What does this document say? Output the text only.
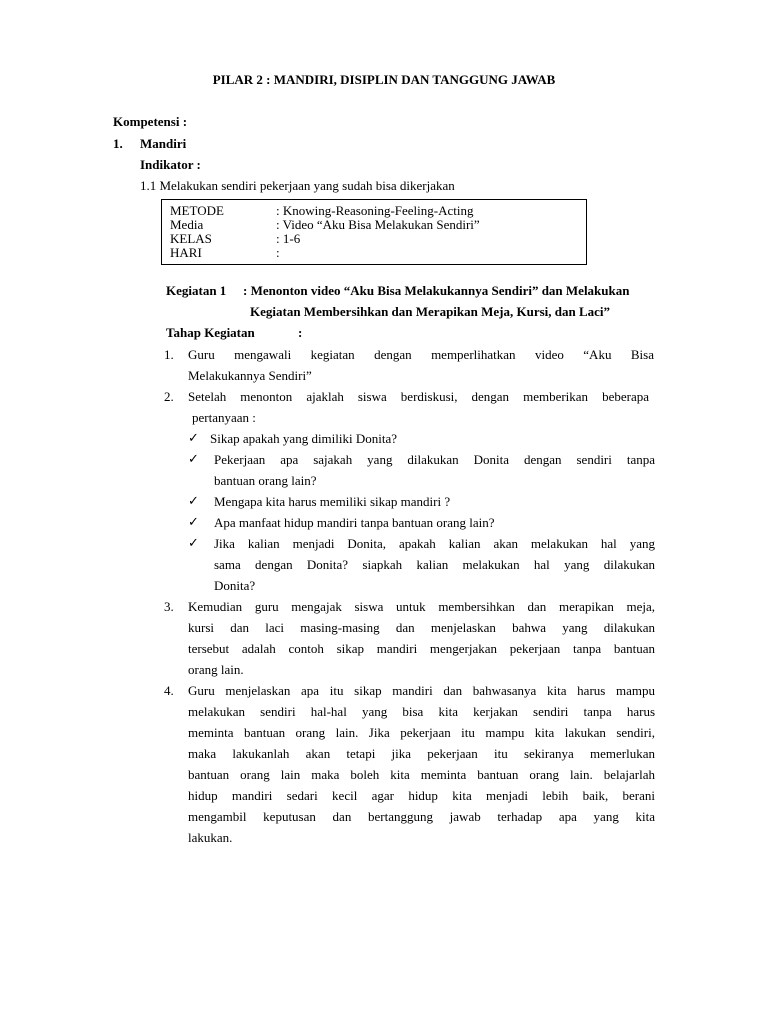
PILAR 2 : MANDIRI, DISIPLIN DAN TANGGUNG JAWAB
Kompetensi :
1. Mandiri
Indikator :
1.1 Melakukan sendiri pekerjaan yang sudah bisa dikerjakan
METODE	: Knowing-Reasoning-Feeling-Acting
Media	: Video “Aku Bisa Melakukan Sendiri”
KELAS	: 1-6
HARI	:
Kegiatan 1 : Menonton video “Aku Bisa Melakukannya Sendiri” dan Melakukan
Kegiatan Membersihkan dan Merapikan Meja, Kursi, dan Laci”
Tahap Kegiatan	:
1. Guru mengawali kegiatan dengan memperlihatkan video “Aku Bisa
Melakukannya Sendiri”
2. Setelah menonton ajaklah siswa berdiskusi, dengan memberikan beberapa
pertanyaan :
✓ Sikap apakah yang dimiliki Donita?
✓ Pekerjaan apa sajakah yang dilakukan Donita dengan sendiri tanpa
bantuan orang lain?
✓ Mengapa kita harus memiliki sikap mandiri ?
✓ Apa manfaat hidup mandiri tanpa bantuan orang lain?
✓ Jika kalian menjadi Donita, apakah kalian akan melakukan hal yang
sama dengan Donita? siapkah kalian melakukan hal yang dilakukan
Donita?
3. Kemudian guru mengajak siswa untuk membersihkan dan merapikan meja,
kursi dan laci masing-masing dan menjelaskan bahwa yang dilakukan
tersebut adalah contoh sikap mandiri mengerjakan pekerjaan tanpa bantuan
orang lain.
4. Guru menjelaskan apa itu sikap mandiri dan bahwasanya kita harus mampu
melakukan sendiri hal-hal yang bisa kita kerjakan sendiri tanpa harus
meminta bantuan orang lain. Jika pekerjaan itu mampu kita lakukan sendiri,
maka lakukanlah akan tetapi jika pekerjaan itu sekiranya memerlukan
bantuan orang lain maka boleh kita meminta bantuan orang lain. belajarlah
hidup mandiri sedari kecil agar hidup kita menjadi lebih baik, berani
mengambil keputusan dan bertanggung jawab terhadap apa yang kita
lakukan.
